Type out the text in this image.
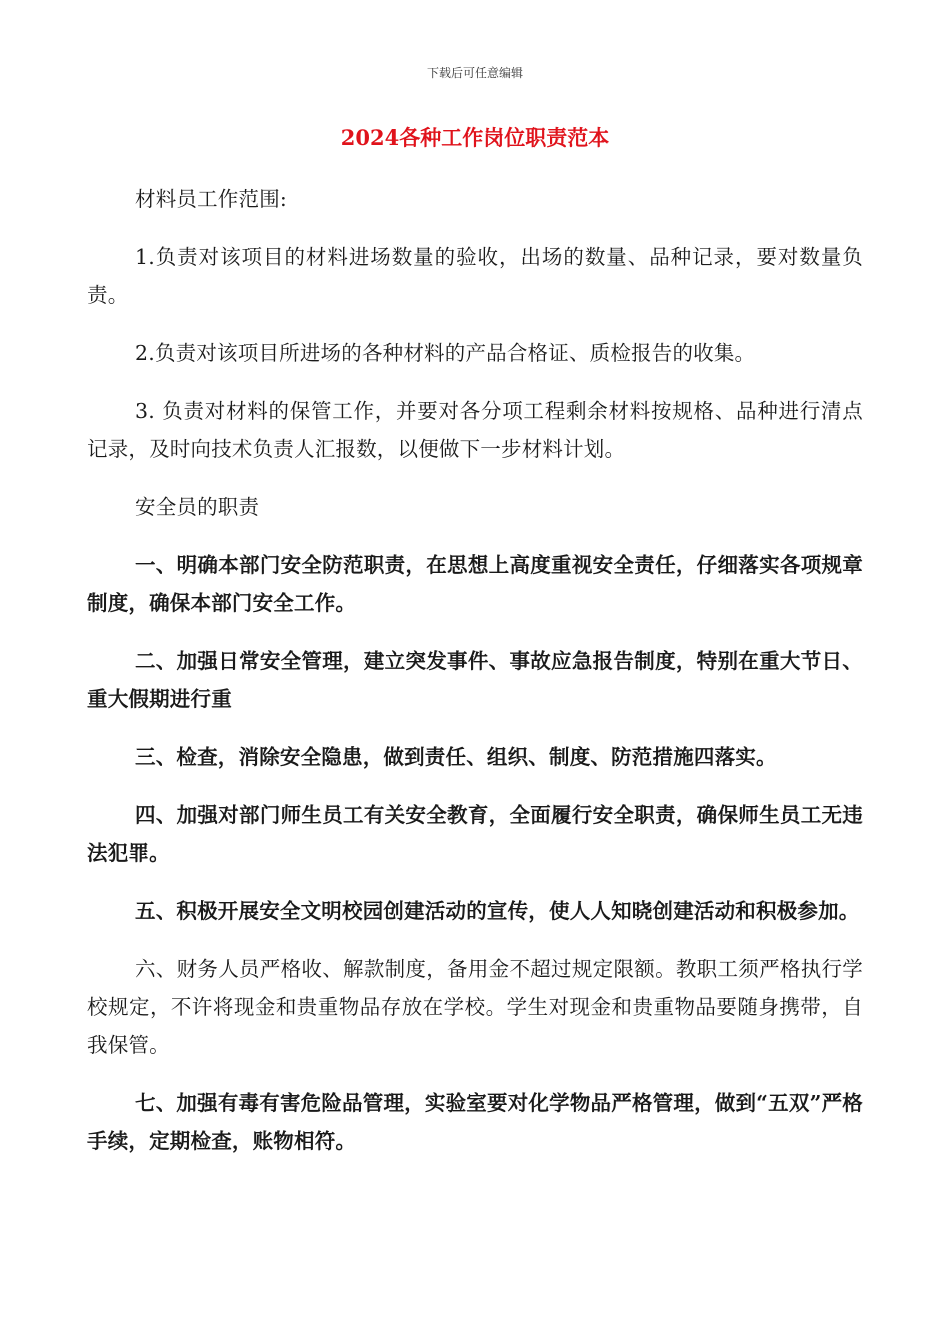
下载后可任意编辑
2024各种工作岗位职责范本

材料员工作范围:

1.负责对该项目的材料进场数量的验收，出场的数量、品种记录，要对数量负责。

2.负责对该项目所进场的各种材料的产品合格证、质检报告的收集。

3. 负责对材料的保管工作，并要对各分项工程剩余材料按规格、品种进行清点记录，及时向技术负责人汇报数，以便做下一步材料计划。

安全员的职责

一、明确本部门安全防范职责，在思想上高度重视安全责任，仔细落实各项规章制度，确保本部门安全工作。

二、加强日常安全管理，建立突发事件、事故应急报告制度，特别在重大节日、重大假期进行重

三、检查，消除安全隐患，做到责任、组织、制度、防范措施四落实。

四、加强对部门师生员工有关安全教育，全面履行安全职责，确保师生员工无违法犯罪。

五、积极开展安全文明校园创建活动的宣传，使人人知晓创建活动和积极参加。

六、财务人员严格收、解款制度，备用金不超过规定限额。教职工须严格执行学校规定，不许将现金和贵重物品存放在学校。学生对现金和贵重物品要随身携带，自我保管。

七、加强有毒有害危险品管理，实验室要对化学物品严格管理，做到“五双”严格手续，定期检查，账物相符。
